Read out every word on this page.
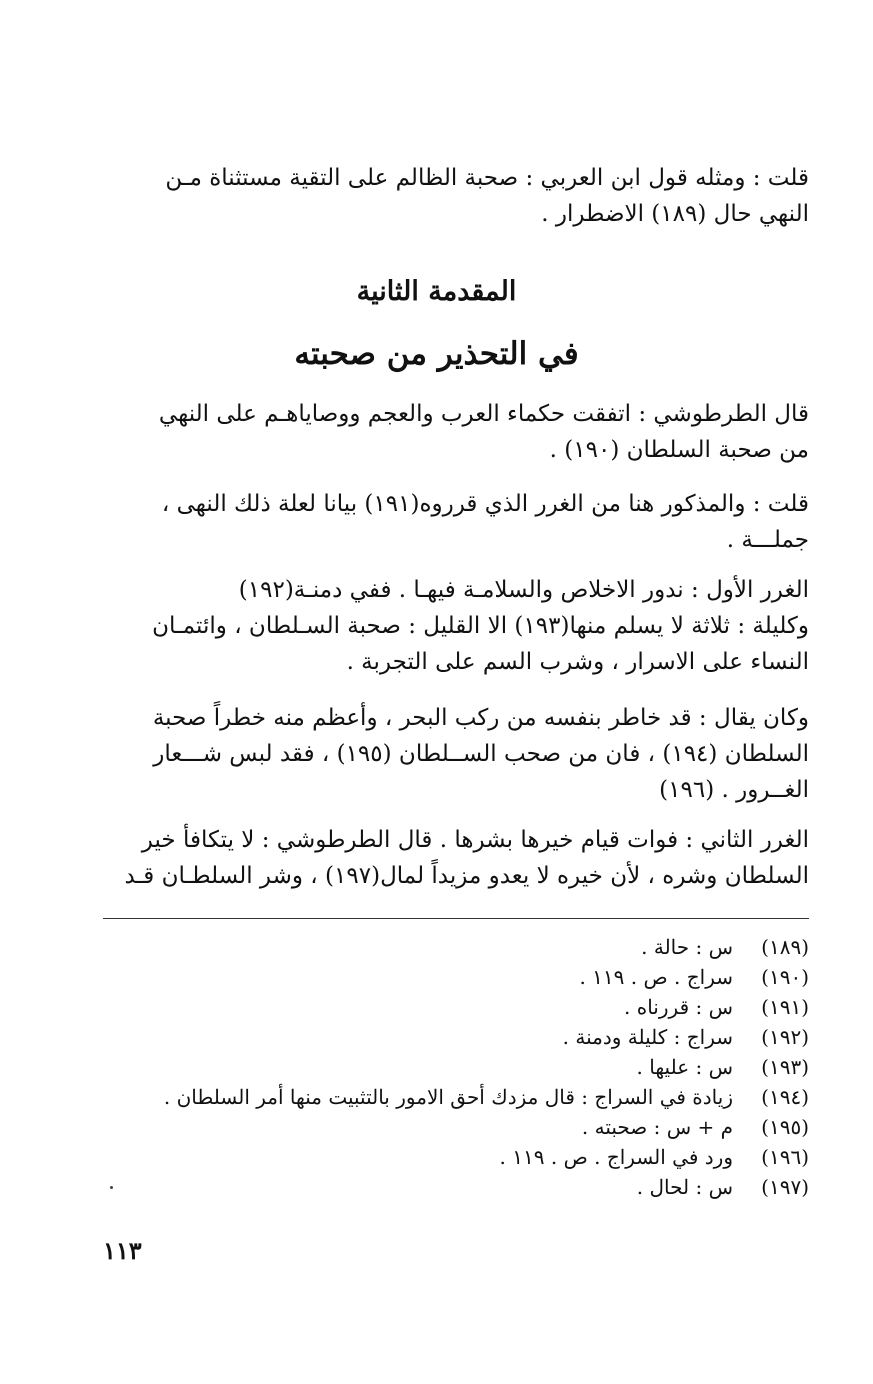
قلت : ومثله قول ابن العربي : صحبة الظالم على التقية مستثناة مـن
النهي حال (١٨٩) الاضطرار .
المقدمة الثانية
في التحذير من صحبته
قال الطرطوشي : اتفقت حكماء العرب والعجم ووصاياهـم على النهي
من صحبة السلطان (١٩٠) .
قلت : والمذكور هنا من الغرر الذي قرروه(١٩١) بيانا لعلة ذلك النهى ،
جملـــة .
الغرر الأول : ندور الاخلاص والسلامـة فيهـا . ففي دمنـة(١٩٢)
وكليلة : ثلاثة لا يسلم منها(١٩٣) الا القليل : صحبة السـلطان ، وائتمـان
النساء على الاسرار ، وشرب السم على التجربة .
وكان يقال : قد خاطر بنفسه من ركب البحر ، وأعظم منه خطراً صحبة
السلطان (١٩٤) ، فان من صحب الســلطان (١٩٥) ، فقد لبس شـــعار
الغــرور . (١٩٦)
الغرر الثاني : فوات قيام خيرها بشرها . قال الطرطوشي : لا يتكافأ خير
السلطان وشره ، لأن خيره لا يعدو مزيداً لمال(١٩٧) ، وشر السلطـان قـد
(١٨٩)
س : حالة .
(١٩٠)
سراج . ص . ١١٩ .
(١٩١)
س : قررناه .
(١٩٢)
سراج : كليلة ودمنة .
(١٩٣)
س : عليها .
(١٩٤)
زيادة في السراج : قال مزدك أحق الامور بالتثبيت منها أمر السلطان .
(١٩٥)
م + س : صحبته .
(١٩٦)
ورد في السراج . ص . ١١٩ .
(١٩٧)
س : لحال .
١١٣
